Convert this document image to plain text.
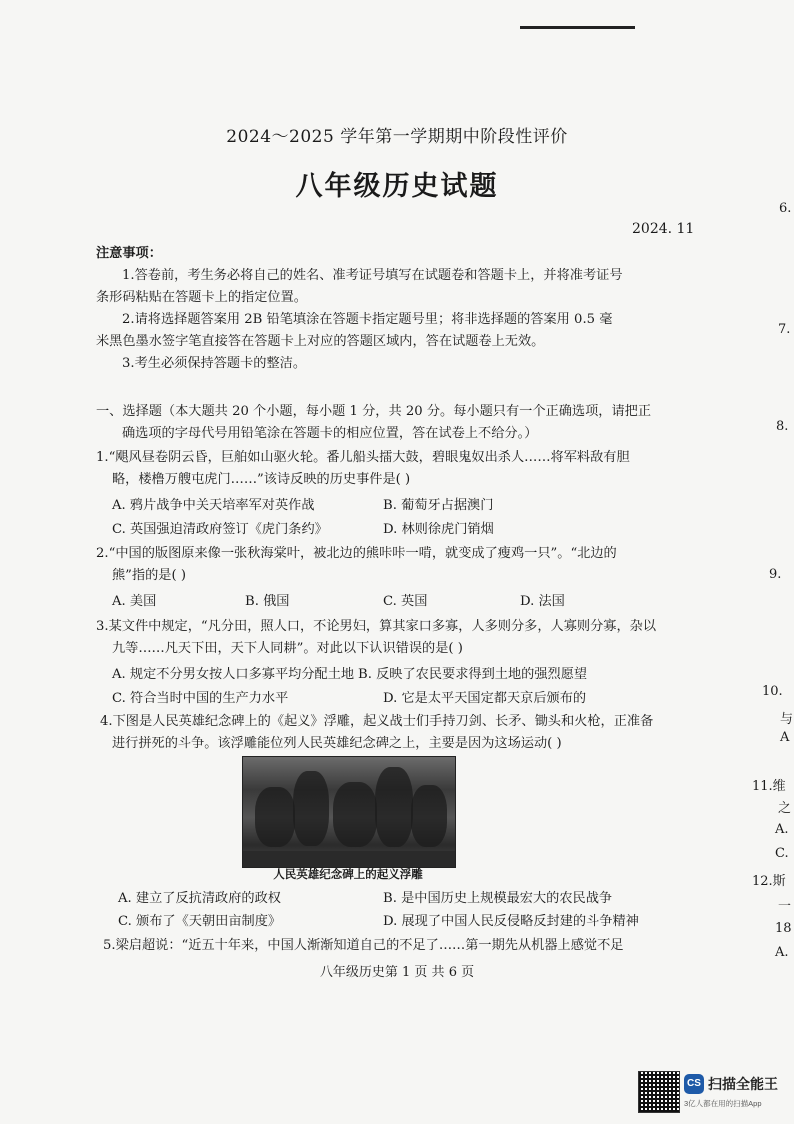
2024～2025 学年第一学期期中阶段性评价
八年级历史试题
2024. 11
注意事项：
1.答卷前，考生务必将自己的姓名、准考证号填写在试题卷和答题卡上，并将准考证号
条形码粘贴在答题卡上的指定位置。
2.请将选择题答案用 2B 铅笔填涂在答题卡指定题号里；将非选择题的答案用 0.5 毫
米黑色墨水签字笔直接答在答题卡上对应的答题区域内，答在试题卷上无效。
3.考生必须保持答题卡的整洁。
一、选择题（本大题共 20 个小题，每小题 1 分，共 20 分。每小题只有一个正确选项，请把正
确选项的字母代号用铅笔涂在答题卡的相应位置，答在试卷上不给分。）
1.“飓风昼卷阴云昏，巨舶如山驱火轮。番儿船头擂大鼓，碧眼鬼奴出杀人……将军料敌有胆
略，楼橹万艘屯虎门……”该诗反映的历史事件是( )
A. 鸦片战争中关天培率军对英作战	B. 葡萄牙占据澳门
C. 英国强迫清政府签订《虎门条约》	D. 林则徐虎门销烟
2.“中国的版图原来像一张秋海棠叶，被北边的熊咔咔一啃，就变成了瘦鸡一只”。“北边的
熊”指的是( )
A. 美国	B. 俄国	C. 英国	D. 法国
3.某文件中规定，“凡分田，照人口，不论男妇，算其家口多寡，人多则分多，人寡则分寡，杂以
九等……凡天下田，天下人同耕”。对此以下认识错误的是( )
A. 规定不分男女按人口多寡平均分配土地 B. 反映了农民要求得到土地的强烈愿望
C. 符合当时中国的生产力水平	D. 它是太平天国定都天京后颁布的
4.下图是人民英雄纪念碑上的《起义》浮雕，起义战士们手持刀剑、长矛、锄头和火枪，正准备
进行拼死的斗争。该浮雕能位列人民英雄纪念碑之上，主要是因为这场运动( )
人民英雄纪念碑上的起义浮雕
A. 建立了反抗清政府的政权	B. 是中国历史上规模最宏大的农民战争
C. 颁布了《天朝田亩制度》	D. 展现了中国人民反侵略反封建的斗争精神
5.梁启超说：“近五十年来，中国人渐渐知道自己的不足了……第一期先从机器上感觉不足
八年级历史第 1 页 共 6 页
6.
7.
8.
9.
10.
与
A
11.维
之
A.
C.
12.斯
一
18
A.
CS 扫描全能王
3亿人都在用的扫描App
